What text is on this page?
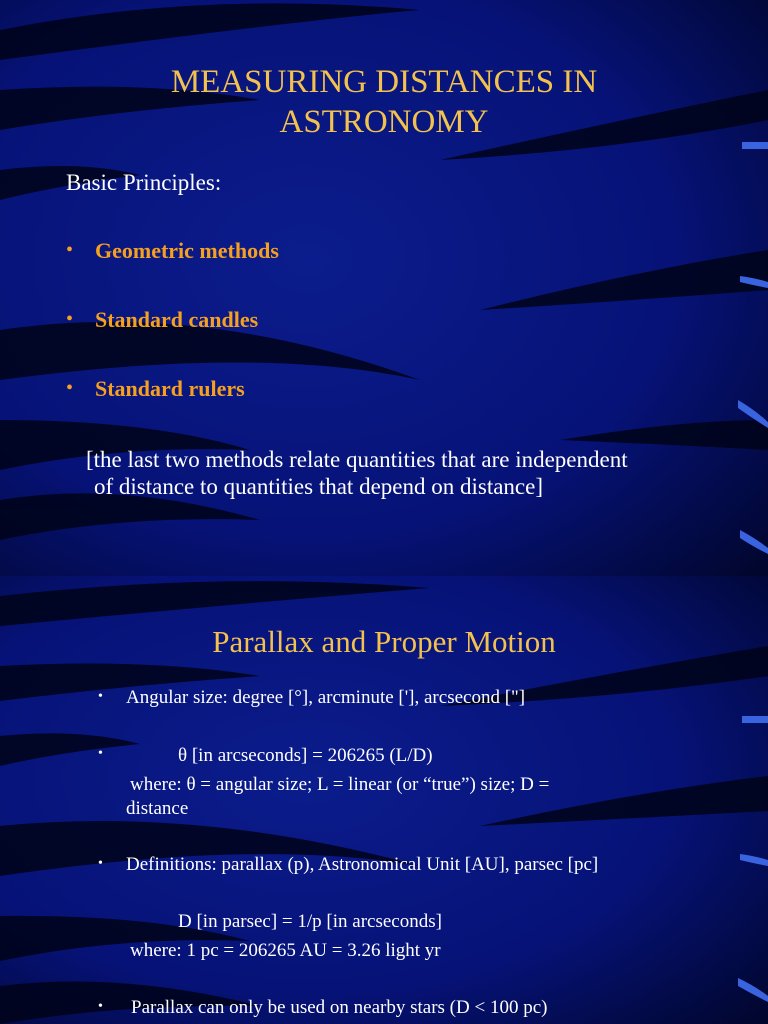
MEASURING DISTANCES IN
ASTRONOMY
Basic Principles:
• Geometric methods
• Standard candles
• Standard rulers
[the last two methods relate quantities that are independent
of distance to quantities that depend on distance]
Parallax and Proper Motion
• Angular size: degree [°], arcminute ['], arcsecond ["]
•	θ [in arcseconds] = 206265 (L/D)
where: θ = angular size; L = linear (or “true”) size; D =
distance
• Definitions: parallax (p), Astronomical Unit [AU], parsec [pc]
D [in parsec] = 1/p [in arcseconds]
where: 1 pc = 206265 AU = 3.26 light yr
• Parallax can only be used on nearby stars (D < 100 pc)
